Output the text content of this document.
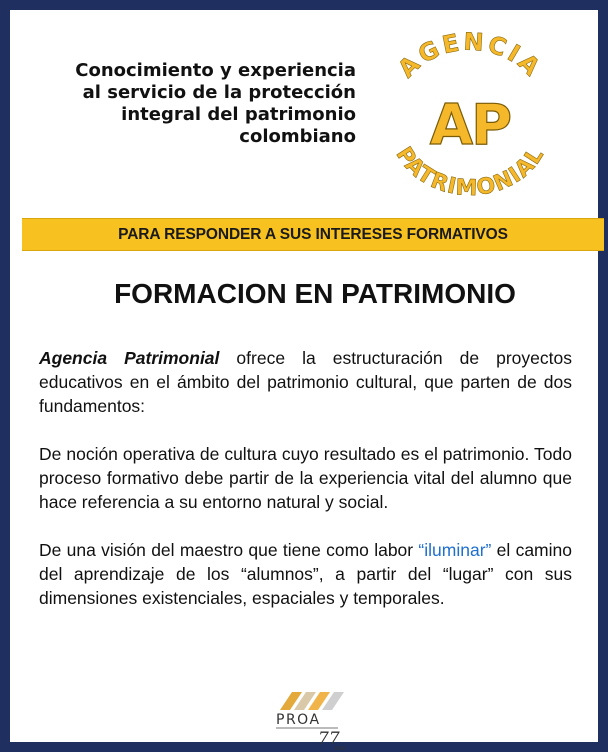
Conocimiento y experiencia
al servicio de la protección
integral del patrimonio
colombiano
AGENCIA
PATRIMONIAL
AP
PARA RESPONDER A SUS INTERESES FORMATIVOS
FORMACION EN PATRIMONIO

Agencia Patrimonial ofrece la estructuración de proyectos educativos en el ámbito del patrimonio cultural, que parten de dos fundamentos:

De noción operativa de cultura cuyo resultado es el patrimonio. Todo proceso formativo debe partir de la experiencia vital del alumno que hace referencia a su entorno natural y social.

De una visión del maestro que tiene como labor “iluminar” el camino del aprendizaje de los “alumnos”, a partir del “lugar” con sus dimensiones existenciales, espaciales y temporales.

PROA
77
AÑOS
